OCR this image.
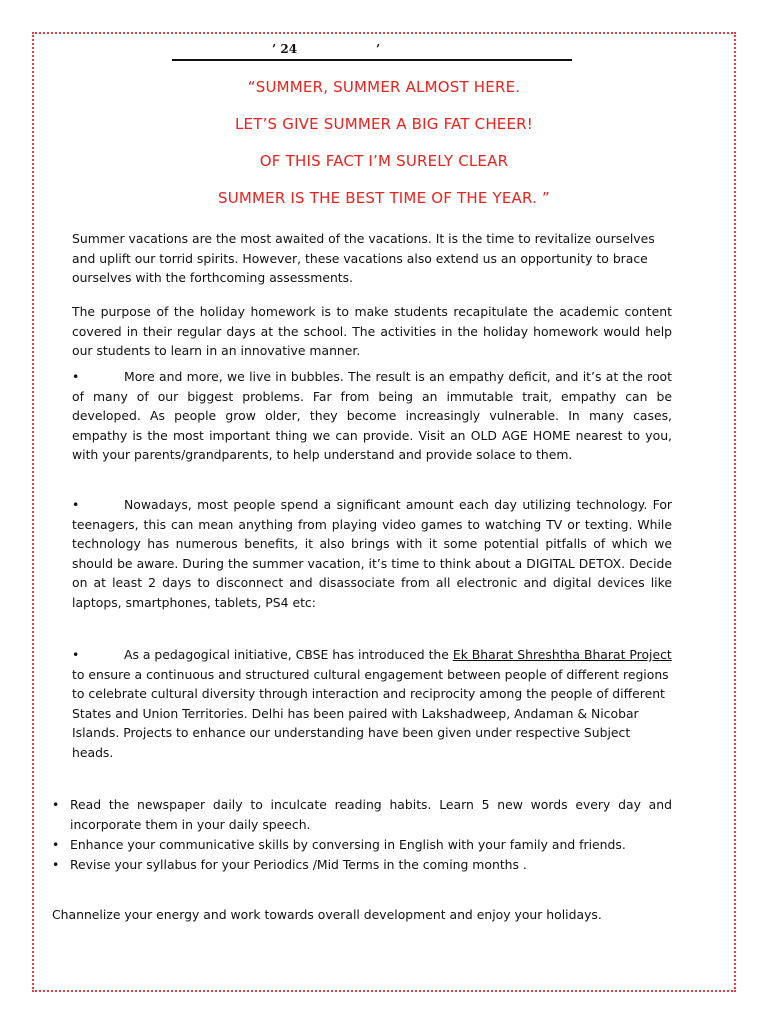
’ 24	’
“SUMMER, SUMMER ALMOST HERE.
LET’S GIVE SUMMER A BIG FAT CHEER!
OF THIS FACT I’M SURELY CLEAR
SUMMER IS THE BEST TIME OF THE YEAR. ”

Summer vacations are the most awaited of the vacations. It is the time to revitalize ourselves and uplift our torrid spirits. However, these vacations also extend us an opportunity to brace ourselves with the forthcoming assessments.

The purpose of the holiday homework is to make students recapitulate the academic content covered in their regular days at the school. The activities in the holiday homework would help our students to learn in an innovative manner.

•	More and more, we live in bubbles. The result is an empathy deficit, and it’s at the root of many of our biggest problems. Far from being an immutable trait, empathy can be developed. As people grow older, they become increasingly vulnerable. In many cases, empathy is the most important thing we can provide. Visit an OLD AGE HOME nearest to you, with your parents/grandparents, to help understand and provide solace to them.

•	Nowadays, most people spend a significant amount each day utilizing technology. For teenagers, this can mean anything from playing video games to watching TV or texting. While technology has numerous benefits, it also brings with it some potential pitfalls of which we should be aware. During the summer vacation, it’s time to think about a DIGITAL DETOX. Decide on at least 2 days to disconnect and disassociate from all electronic and digital devices like laptops, smartphones, tablets, PS4 etc:

•	As a pedagogical initiative, CBSE has introduced the Ek Bharat Shreshtha Bharat Project to ensure a continuous and structured cultural engagement between people of different regions to celebrate cultural diversity through interaction and reciprocity among the people of different States and Union Territories. Delhi has been paired with Lakshadweep, Andaman & Nicobar Islands. Projects to enhance our understanding have been given under respective Subject heads.

• Read the newspaper daily to inculcate reading habits. Learn 5 new words every day and incorporate them in your daily speech.
• Enhance your communicative skills by conversing in English with your family and friends.
• Revise your syllabus for your Periodics /Mid Terms in the coming months .
Channelize your energy and work towards overall development and enjoy your holidays.
